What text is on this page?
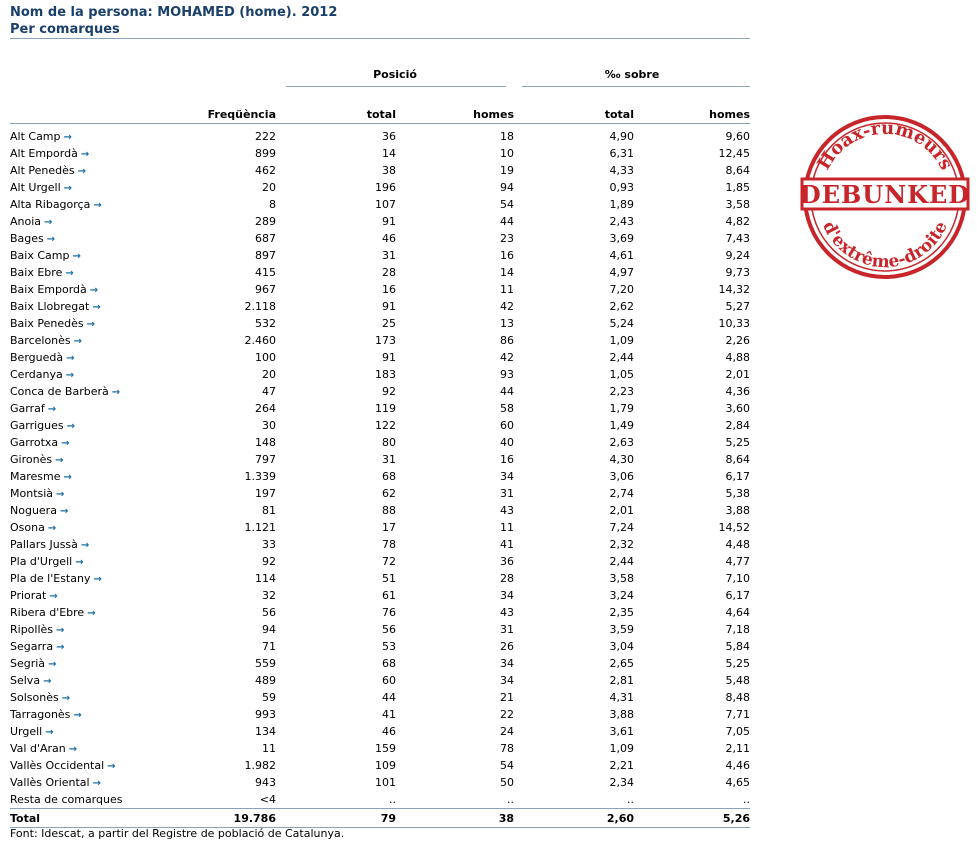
Nom de la persona: MOHAMED (home). 2012
Per comarques

		Posició		‰ sobre	

	Freqüència	total	homes	total	homes
Alt Camp →	222	36	18	4,90	9,60
Alt Empordà →	899	14	10	6,31	12,45
Alt Penedès →	462	38	19	4,33	8,64
Alt Urgell →	20	196	94	0,93	1,85
Alta Ribagorça →	8	107	54	1,89	3,58
Anoia →	289	91	44	2,43	4,82
Bages →	687	46	23	3,69	7,43
Baix Camp →	897	31	16	4,61	9,24
Baix Ebre →	415	28	14	4,97	9,73
Baix Empordà →	967	16	11	7,20	14,32
Baix Llobregat →	2.118	91	42	2,62	5,27
Baix Penedès →	532	25	13	5,24	10,33
Barcelonès →	2.460	173	86	1,09	2,26
Berguedà →	100	91	42	2,44	4,88
Cerdanya →	20	183	93	1,05	2,01
Conca de Barberà →	47	92	44	2,23	4,36
Garraf →	264	119	58	1,79	3,60
Garrigues →	30	122	60	1,49	2,84
Garrotxa →	148	80	40	2,63	5,25
Gironès →	797	31	16	4,30	8,64
Maresme →	1.339	68	34	3,06	6,17
Montsià →	197	62	31	2,74	5,38
Noguera →	81	88	43	2,01	3,88
Osona →	1.121	17	11	7,24	14,52
Pallars Jussà →	33	78	41	2,32	4,48
Pla d'Urgell →	92	72	36	2,44	4,77
Pla de l'Estany →	114	51	28	3,58	7,10
Priorat →	32	61	34	3,24	6,17
Ribera d'Ebre →	56	76	43	2,35	4,64
Ripollès →	94	56	31	3,59	7,18
Segarra →	71	53	26	3,04	5,84
Segrià →	559	68	34	2,65	5,25
Selva →	489	60	34	2,81	5,48
Solsonès →	59	44	21	4,31	8,48
Tarragonès →	993	41	22	3,88	7,71
Urgell →	134	46	24	3,61	7,05
Val d'Aran →	11	159	78	1,09	2,11
Vallès Occidental →	1.982	109	54	2,21	4,46
Vallès Oriental →	943	101	50	2,34	4,65
Resta de comarques	<4	..	..	..	..
Total	19.786	79	38	2,60	5,26
Font: Idescat, a partir del Registre de població de Catalunya.
Hoax-rumeurs
DEBUNKED
d'extrême-droite
